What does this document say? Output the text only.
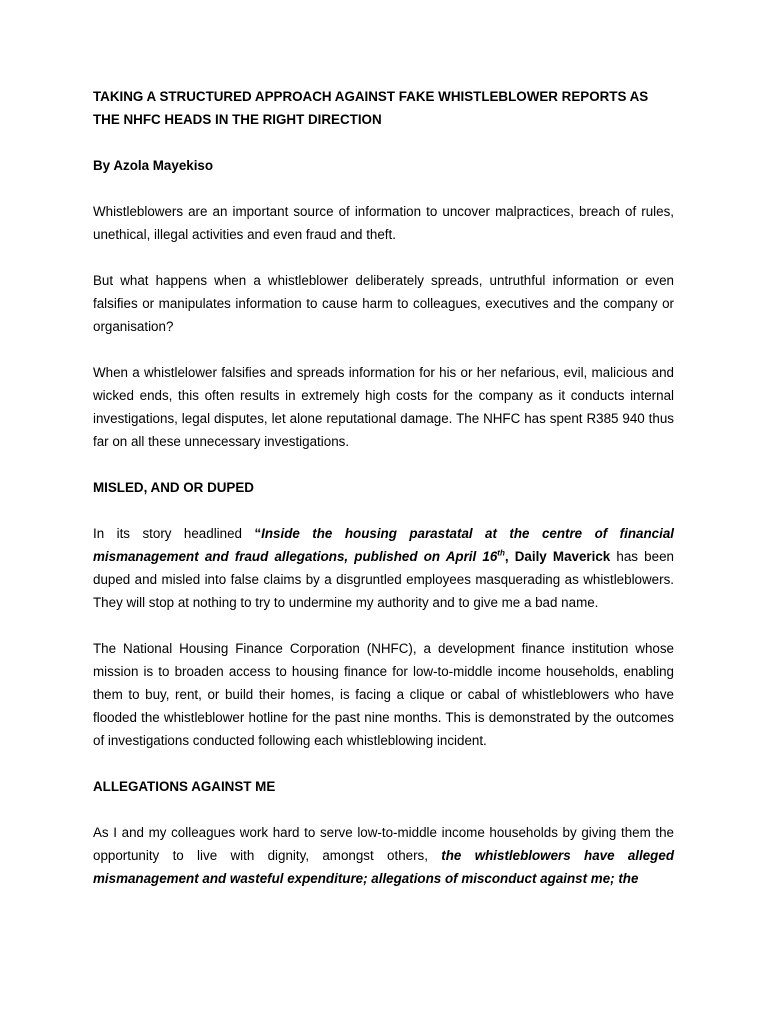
TAKING A STRUCTURED APPROACH AGAINST FAKE WHISTLEBLOWER REPORTS AS THE NHFC HEADS IN THE RIGHT DIRECTION

By Azola Mayekiso

Whistleblowers are an important source of information to uncover malpractices, breach of rules, unethical, illegal activities and even fraud and theft.

But what happens when a whistleblower deliberately spreads, untruthful information or even falsifies or manipulates information to cause harm to colleagues, executives and the company or organisation?

When a whistlelower falsifies and spreads information for his or her nefarious, evil, malicious and wicked ends, this often results in extremely high costs for the company as it conducts internal investigations, legal disputes, let alone reputational damage. The NHFC has spent R385 940 thus far on all these unnecessary investigations.

MISLED, AND OR DUPED

In its story headlined “Inside the housing parastatal at the centre of financial mismanagement and fraud allegations, published on April 16th, Daily Maverick has been duped and misled into false claims by a disgruntled employees masquerading as whistleblowers. They will stop at nothing to try to undermine my authority and to give me a bad name.

The National Housing Finance Corporation (NHFC), a development finance institution whose mission is to broaden access to housing finance for low-to-middle income households, enabling them to buy, rent, or build their homes, is facing a clique or cabal of whistleblowers who have flooded the whistleblower hotline for the past nine months. This is demonstrated by the outcomes of investigations conducted following each whistleblowing incident.

ALLEGATIONS AGAINST ME

As I and my colleagues work hard to serve low-to-middle income households by giving them the opportunity to live with dignity, amongst others, the whistleblowers have alleged mismanagement and wasteful expenditure; allegations of misconduct against me; the
